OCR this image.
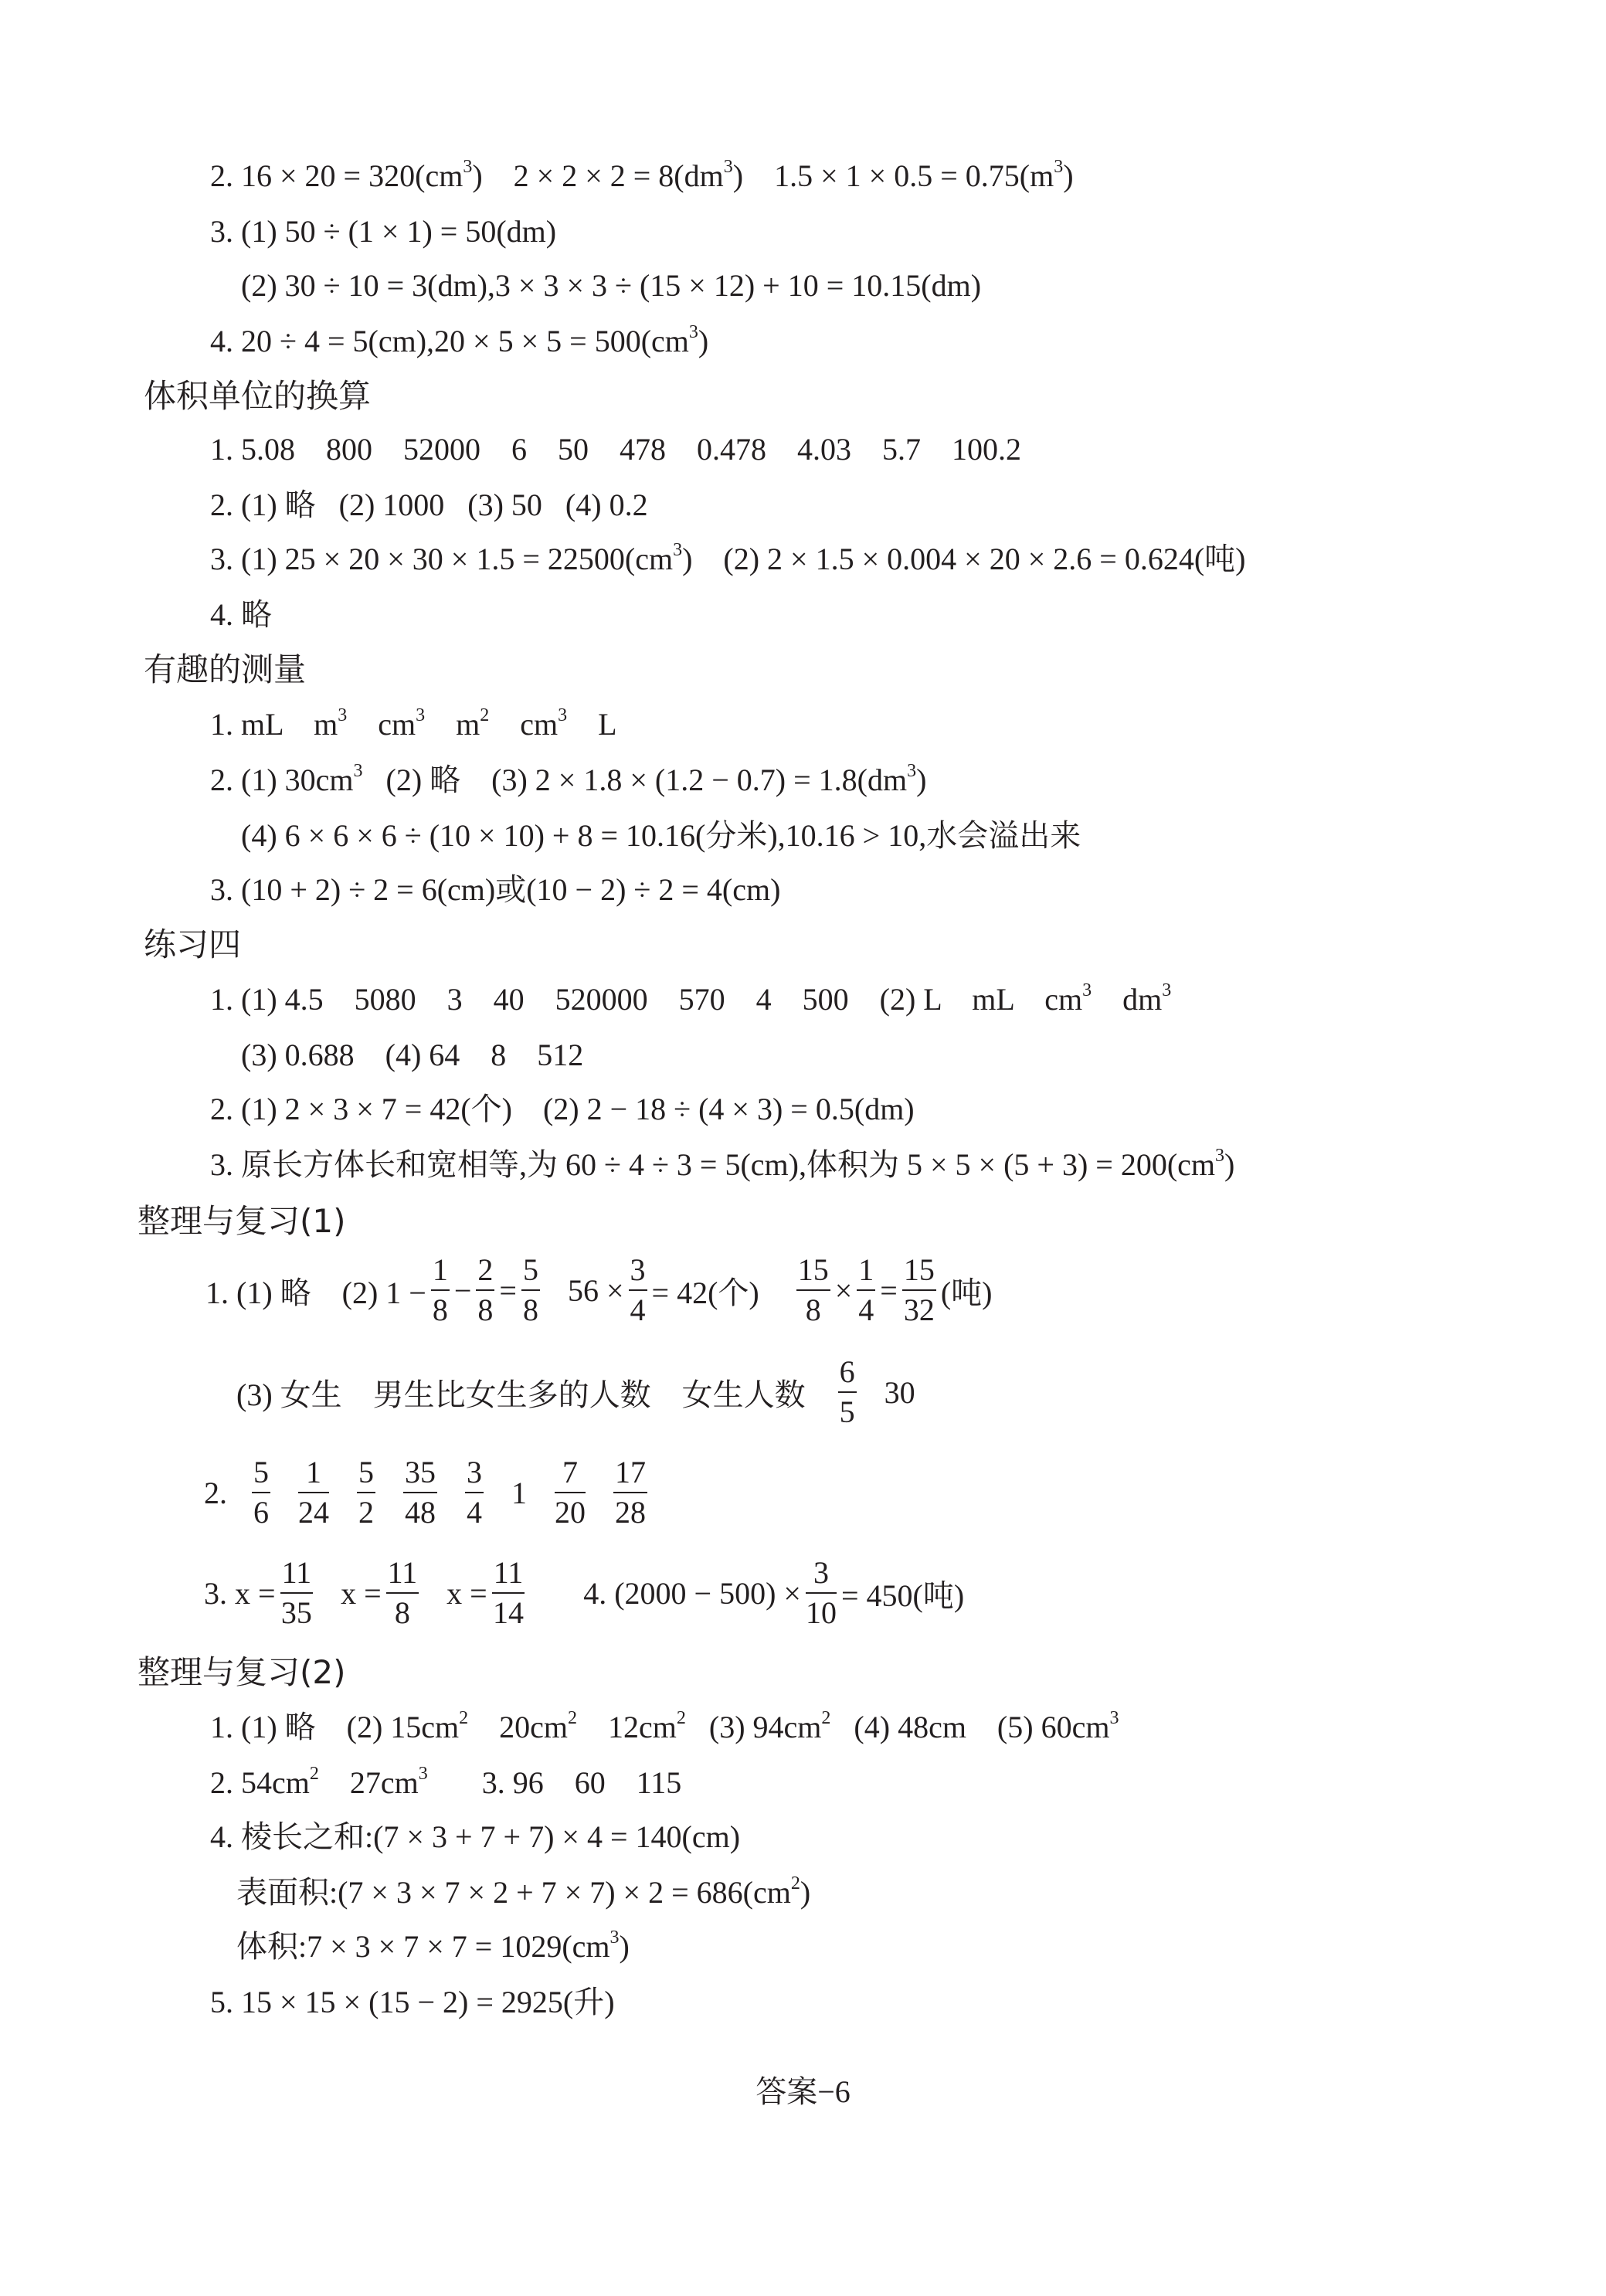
2. $16 \times 20 = 320(cm^3)$    $2 \times 2 \times 2 = 8(dm^3)$    $1.5 \times 1 \times 0.5 = 0.75(m^3)$
3. (1) 50 ÷ (1 × 1) = 50(dm)
(2) 30 ÷ 10 = 3(dm),3 × 3 × 3 ÷ (15 × 12) + 10 = 10.15(dm)
4. $20 \div 4 = 5(cm),20 \times 5 \times 5 = 500(cm^3)$
体积单位的换算
1. 5.08    800    52000    6    50    478    0.478    4.03    5.7    100.2
2. (1) 略   (2) 1000   (3) 50   (4) 0.2
3. (1) $25 \times 20 \times 30 \times 1.5 = 22500(cm^3)$    (2) 2 × 1.5 × 0.004 × 20 × 2.6 = 0.624(吨)
4. 略
有趣的测量
1. mL    $m^3$    $cm^3$    $m^2$    $cm^3$    L
2. (1) $30cm^3$   (2) 略    (3) $2 \times 1.8 \times (1.2 - 0.7) = 1.8(dm^3)$
(4) 6 × 6 × 6 ÷ (10 × 10) + 8 = 10.16(分米),10.16 > 10,水会溢出来
3. (10 + 2) ÷ 2 = 6(cm)或(10 − 2) ÷ 2 = 4(cm)
练习四
1. (1) 4.5    5080    3    40    520000    570    4    500    (2) L    mL    $cm^3$    $dm^3$
(3) 0.688    (4) 64    8    512
2. (1) 2 × 3 × 7 = 42(个)    (2) 2 − 18 ÷ (4 × 3) = 0.5(dm)
3. 原长方体长和宽相等,为 60 ÷ 4 ÷ 3 = 5(cm),体积为 $5 \times 5 \times (5 + 3) = 200(cm^3)$
整理与复习(1)
1. (1) 略    (2) $1 - \frac{1}{8} - \frac{2}{8} = \frac{5}{8} 56 \times \frac{3}{4} = 42$(个) $\frac{15}{8} \times \frac{1}{4} = \frac{15}{32}$ (吨)
(3) 女生    男生比女生多的人数    女生人数 $\frac{6}{5} 30$
2. $\frac{5}{6} \frac{1}{24} \frac{5}{2} \frac{35}{48} \frac{3}{4} 1 \frac{7}{20} \frac{17}{28}$
3. $x = \frac{11}{35}$ $x = \frac{11}{8}$ $x = \frac{11}{14} 4$. $(2000 - 500) \times \frac{3}{10} = 450$(吨)
整理与复习(2)
1. (1) 略    (2) $15cm^2$    $20cm^2$    $12cm^2$   (3) $94cm^2$   (4) 48cm    (5) $60cm^3$
2. $54cm^2$    $27cm^3$       3. 96    60    115
4. 棱长之和:(7 × 3 + 7 + 7) × 4 = 140(cm)
表面积:(7 × $3 \times 7 \times 2 + 7 \times 7) \times 2 = 686(cm^2)$
体积:7 × $3 \times 7 \times 7 = 1029(cm^3)$
5. 15 × 15 × (15 − 2) = 2925(升)
答案−6
